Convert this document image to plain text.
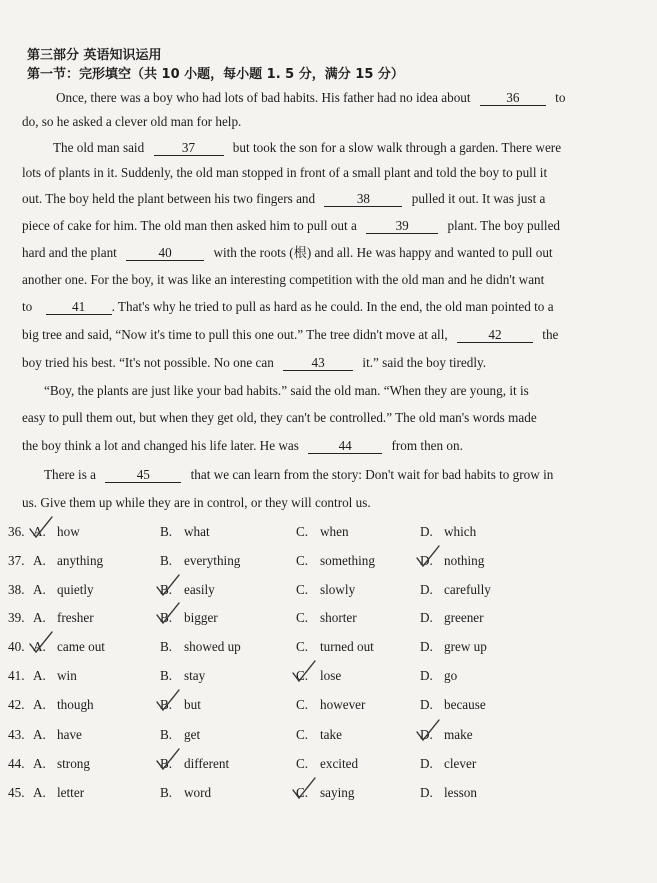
第三部分 英语知识运用
第一节：完形填空（共 10 小题，每小题 1. 5 分，满分 15 分）
Once, there was a boy who had lots of bad habits. His father had no idea about	36	to
do, so he asked a clever old man for help.
The old man said	37	but took the son for a slow walk through a garden. There were
lots of plants in it. Suddenly, the old man stopped in front of a small plant and told the boy to pull it
out. The boy held the plant between his two fingers and	38	pulled it out. It was just a
piece of cake for him. The old man then asked him to pull out a	39	plant. The boy pulled
hard and the plant	40	with the roots (根) and all. He was happy and wanted to pull out
another one. For the boy, it was like an interesting competition with the old man and he didn't want
to	41 . That's why he tried to pull as hard as he could. In the end, the old man pointed to a
big tree and said, “Now it's time to pull this one out.” The tree didn't move at all,	42	the
boy tried his best. “It's not possible. No one can	43	it.” said the boy tiredly.
“Boy, the plants are just like your bad habits.” said the old man. “When they are young, it is
easy to pull them out, but when they get old, they can't be controlled.” The old man's words made
the boy think a lot and changed his life later. He was	44	from then on.
There is a	45	that we can learn from the story: Don't wait for bad habits to grow in
us. Give them up while they are in control, or they will control us.
36. A. how	B. what	C. when	D. which
37. A. anything	B. everything	C. something	D. nothing
38. A. quietly	B. easily	C. slowly	D. carefully
39. A. fresher	B. bigger	C. shorter	D. greener
40. A. came out	B. showed up	C. turned out	D. grew up
41. A. win	B. stay	C. lose	D. go
42. A. though	B. but	C. however	D. because
43. A. have	B. get	C. take	D. make
44. A. strong	B. different	C. excited	D. clever
45. A. letter	B. word	C. saying	D. lesson
